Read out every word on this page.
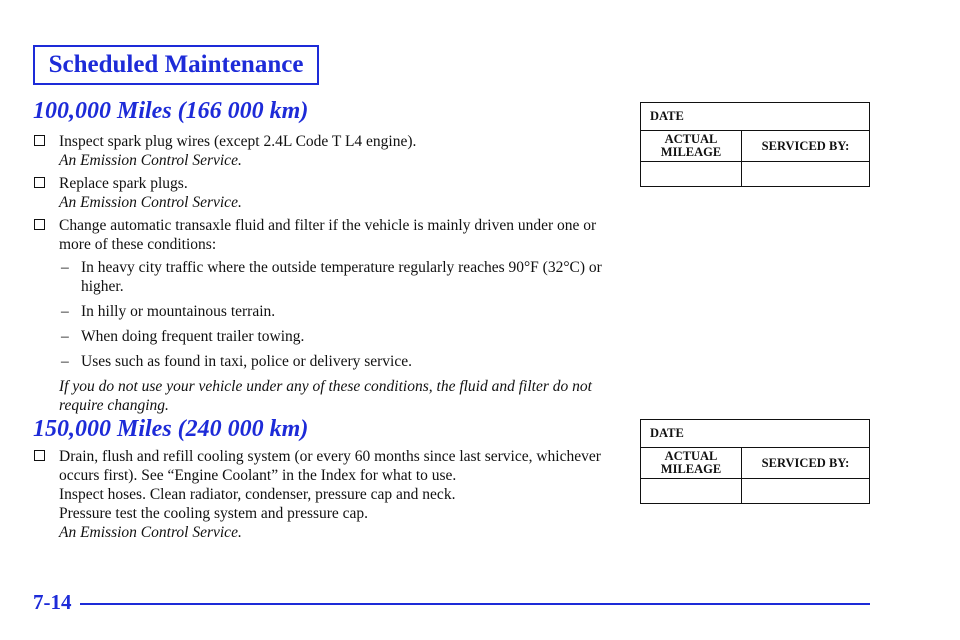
Scheduled Maintenance
100,000 Miles (166 000 km)
Inspect spark plug wires (except 2.4L Code T L4 engine).
An Emission Control Service.
Replace spark plugs.
An Emission Control Service.
Change automatic transaxle fluid and filter if the vehicle is mainly driven under one or more of these conditions:
– In heavy city traffic where the outside temperature regularly reaches 90°F (32°C) or higher.
– In hilly or mountainous terrain.
– When doing frequent trailer towing.
– Uses such as found in taxi, police or delivery service.
If you do not use your vehicle under any of these conditions, the fluid and filter do not require changing.
150,000 Miles (240 000 km)
Drain, flush and refill cooling system (or every 60 months since last service, whichever occurs first). See “Engine Coolant” in the Index for what to use.
Inspect hoses. Clean radiator, condenser, pressure cap and neck.
Pressure test the cooling system and pressure cap.
An Emission Control Service.
DATE	
ACTUAL MILEAGE	SERVICED BY:

DATE	
ACTUAL MILEAGE	SERVICED BY:

7-14
